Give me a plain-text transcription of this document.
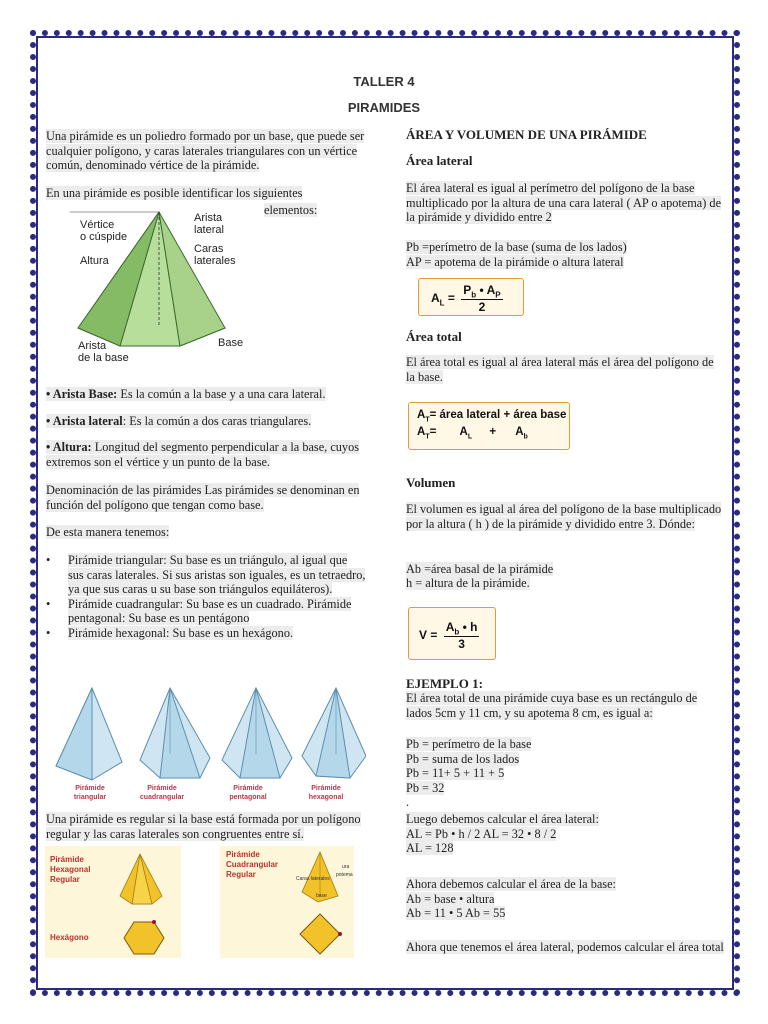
TALLER 4
PIRAMIDES
Una pirámide es un poliedro formado por un base, que puede ser cualquier polígono, y caras laterales triangulares con un vértice común, denominado vértice de la pirámide.
En una pirámide es posible identificar los siguientes
elementos:
Vértice
o cúspide
Arista
lateral
Altura
Caras
laterales
Arista
de la base
Base
• Arista Base: Es la común a la base y a una cara lateral.
• Arista lateral: Es la común a dos caras triangulares.
• Altura: Longitud del segmento perpendicular a la base, cuyos extremos son el vértice y un punto de la base.
Denominación de las pirámides Las pirámides se denominan en función del polígono que tengan como base.
De esta manera tenemos:
• Pirámide triangular: Su base es un triángulo, al igual que sus caras laterales. Si sus aristas son iguales, es un tetraedro, ya que sus caras u su base son triángulos equiláteros).
• Pirámide cuadrangular: Su base es un cuadrado. Pirámide pentagonal: Su base es un pentágono
• Pirámide hexagonal: Su base es un hexágono.
Pirámide
triangular
Pirámide
cuadrangular
Pirámide
pentagonal
Pirámide
hexagonal
Una pirámide es regular si la base está formada por un polígono regular y las caras laterales son congruentes entre sí.
Pirámide
Hexagonal
Regular
Hexágono
Pirámide
Cuadrangular
Regular	Caras laterales
ura
potema
base
ÁREA Y VOLUMEN DE UNA PIRÁMIDE
Área lateral
El área lateral es igual al perímetro del polígono de la base multiplicado por la altura de una cara lateral ( AP o apotema) de la pirámide y dividido entre 2
Pb =perímetro de la base (suma de los lados)
AP = apotema de la pirámide o altura lateral
$A_L = \frac{P_b • A_P}{2}$
Área total
El área total es igual al área lateral más el área del polígono de la base.
$A_T=$ área lateral + área base
$A_T= A_L + A_b$
Volumen
El volumen es igual al área del polígono de la base multiplicado por la altura ( h ) de la pirámide y dividido entre 3. Dónde:
Ab =área basal de la pirámide
h = altura de la pirámide.
$V = \frac{A_b • h}{3}$
EJEMPLO 1:
El área total de una pirámide cuya base es un rectángulo de lados 5cm y 11 cm, y su apotema 8 cm, es igual a:
Pb = perímetro de la base
Pb = suma de los lados
Pb = 11+ 5 + 11 + 5
Pb = 32
.
Luego debemos calcular el área lateral:
AL = Pb • h / 2 AL = 32 • 8 / 2
AL = 128
Ahora debemos calcular el área de la base:
Ab = base • altura
Ab = 11 • 5 Ab = 55
Ahora que tenemos el área lateral, podemos calcular el área total
